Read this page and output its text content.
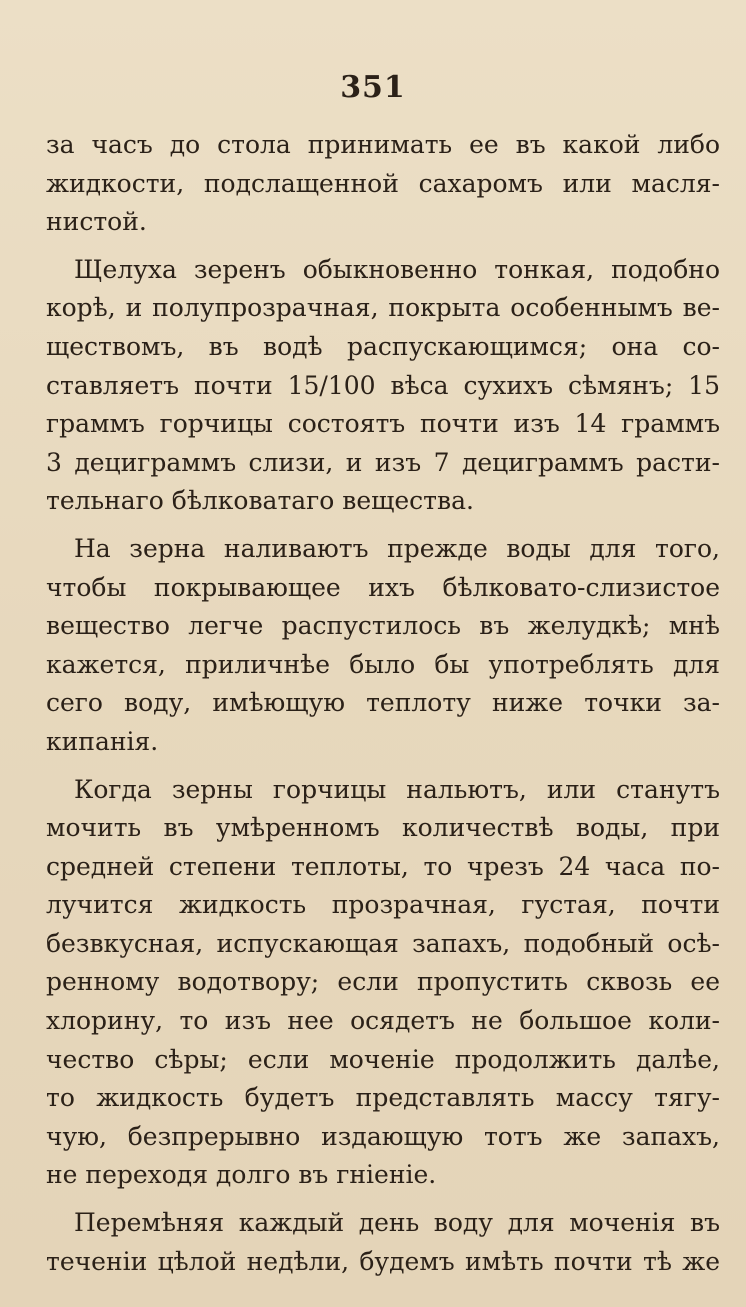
351
за часъ до стола принимать ее въ какой либо
жидкости, подслащенной сахаромъ или масля-
нистой.
Щелуха зеренъ обыкновенно тонкая, подобно
корѣ, и полупрозрачная, покрыта особеннымъ ве-
ществомъ, въ водѣ распускающимся; она со-
ставляетъ почти 15/100 вѣса сухихъ сѣмянъ; 15
граммъ горчицы состоятъ почти изъ 14 граммъ
3 дециграммъ слизи, и изъ 7 дециграммъ расти-
тельнаго бѣлковатаго вещества.
На зерна наливаютъ прежде воды для того,
чтобы покрывающее ихъ бѣлковато-слизистое
вещество легче распустилось въ желудкѣ; мнѣ
кажется, приличнѣе было бы употреблять для
сего воду, имѣющую теплоту ниже точки за-
кипанія.
Когда зерны горчицы нальютъ, или станутъ
мочить въ умѣренномъ количествѣ воды, при
средней степени теплоты, то чрезъ 24 часа по-
лучится жидкость прозрачная, густая, почти
безвкусная, испускающая запахъ, подобный осѣ-
ренному водотвору; если пропустить сквозь ее
хлорину, то изъ нее осядетъ не большое коли-
чество сѣры; если моченіе продолжить далѣе,
то жидкость будетъ представлять массу тягу-
чую, безпрерывно издающую тотъ же запахъ,
не переходя долго въ гніеніе.
Перемѣняя каждый день воду для моченія въ
теченіи цѣлой недѣли, будемъ имѣть почти тѣ же
